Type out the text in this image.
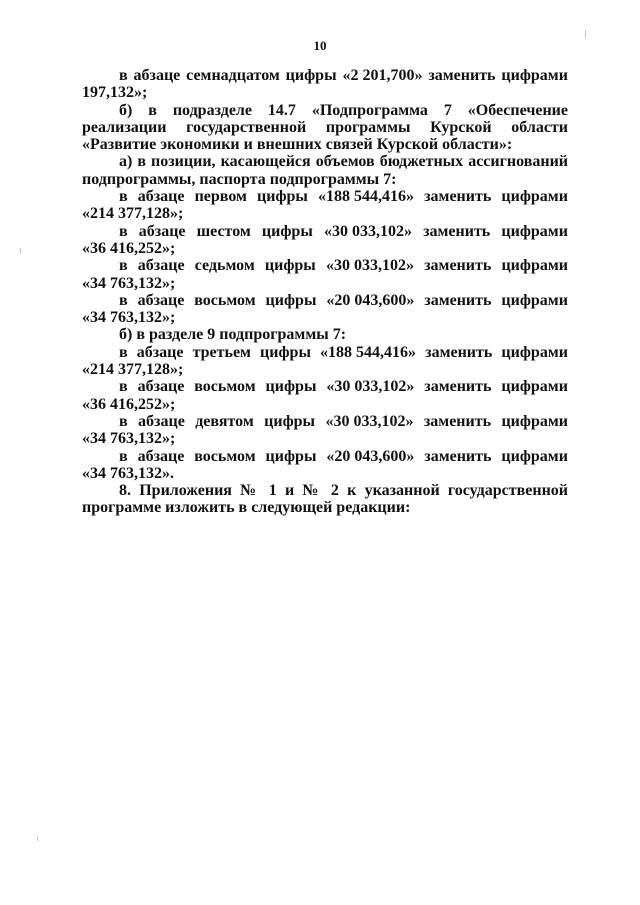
10
в абзаце семнадцатом цифры «2 201,700» заменить цифрами
197,132»;

б) в подразделе 14.7 «Подпрограмма 7 «Обеспечение реализации государственной программы Курской области «Развитие экономики и внешних связей Курской области»:

а) в позиции, касающейся объемов бюджетных ассигнований подпрограммы, паспорта подпрограммы 7:

в абзаце первом цифры «188 544,416» заменить цифрами
«214 377,128»;
в абзаце шестом цифры «30 033,102» заменить цифрами
«36 416,252»;
в абзаце седьмом цифры «30 033,102» заменить цифрами
«34 763,132»;
в абзаце восьмом цифры «20 043,600» заменить цифрами
«34 763,132»;

б) в разделе 9 подпрограммы 7:

в абзаце третьем цифры «188 544,416» заменить цифрами
«214 377,128»;
в абзаце восьмом цифры «30 033,102» заменить цифрами
«36 416,252»;
в абзаце девятом цифры «30 033,102» заменить цифрами
«34 763,132»;
в абзаце восьмом цифры «20 043,600» заменить цифрами
«34 763,132».

8. Приложения № 1 и № 2 к указанной государственной программе изложить в следующей редакции:
